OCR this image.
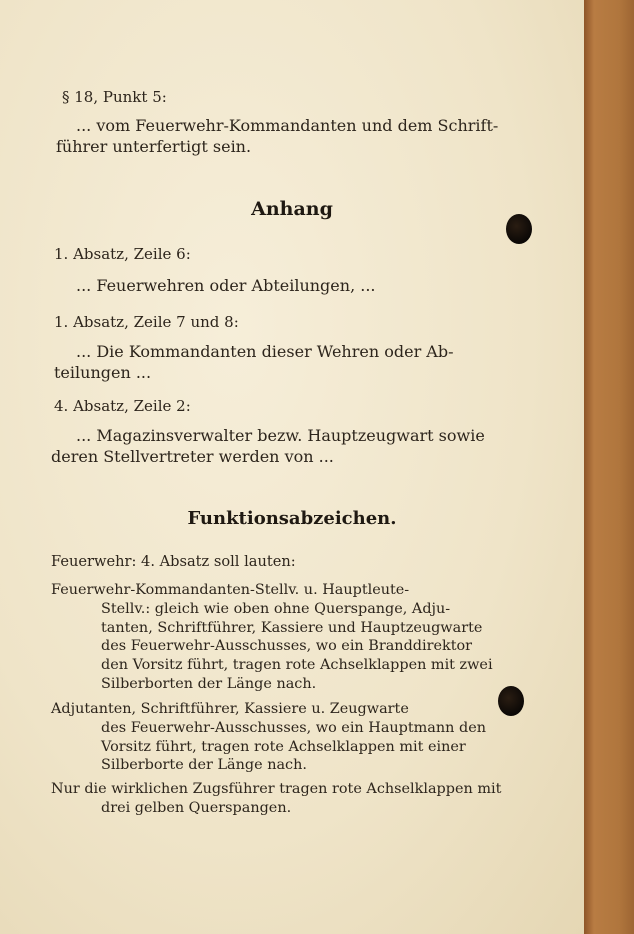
§ 18, Punkt 5:
... vom Feuerwehr-Kommandanten und dem Schrift-
führer unterfertigt sein.
Anhang
1. Absatz, Zeile 6:
... Feuerwehren oder Abteilungen, ...
1. Absatz, Zeile 7 und 8:
... Die Kommandanten dieser Wehren oder Ab-
teilungen ...
4. Absatz, Zeile 2:
... Magazinsverwalter bezw. Hauptzeugwart sowie
deren Stellvertreter werden von ...
Funktionsabzeichen.
Feuerwehr: 4. Absatz soll lauten:
Feuerwehr-Kommandanten-Stellv. u. Hauptleute-
Stellv.: gleich wie oben ohne Querspange, Adju-
tanten, Schriftführer, Kassiere und Hauptzeugwarte
des Feuerwehr-Ausschusses, wo ein Branddirektor
den Vorsitz führt, tragen rote Achselklappen mit zwei
Silberborten der Länge nach.
Adjutanten, Schriftführer, Kassiere u. Zeugwarte
des Feuerwehr-Ausschusses, wo ein Hauptmann den
Vorsitz führt, tragen rote Achselklappen mit einer
Silberborte der Länge nach.
Nur die wirklichen Zugsführer tragen rote Achselklappen mit
drei gelben Querspangen.
